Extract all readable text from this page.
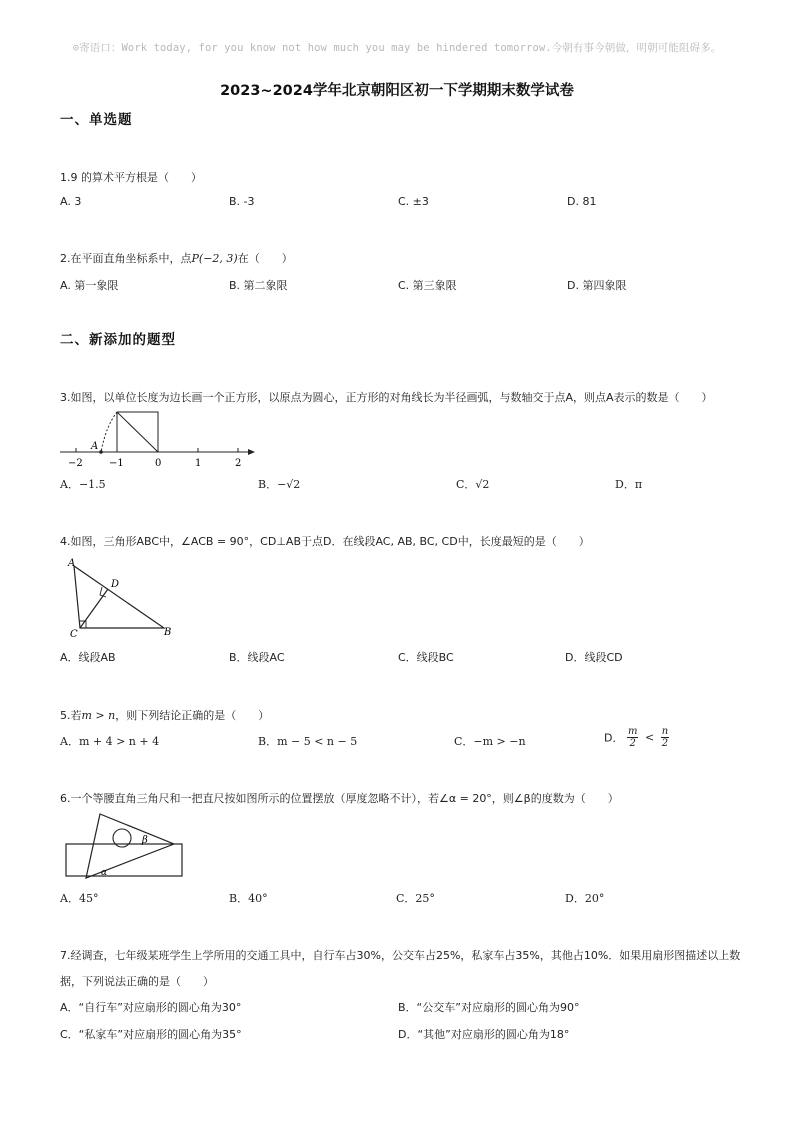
⊙寄语口：Work today, for you know not how much you may be hindered tomorrow.今朝有事今朝做，明朝可能阻碍多。
2023~2024学年北京朝阳区初一下学期期末数学试卷
一、单选题
1.9 的算术平方根是（　　）
A. 3	B. ‐3	C. ±3	D. 81
2.在平面直角坐标系中，点P(−2, 3)在（　　）
A. 第一象限	B. 第二象限	C. 第三象限	D. 第四象限
二、新添加的题型
3.如图，以单位长度为边长画一个正方形，以原点为圆心，正方形的对角线长为半径画弧，与数轴交于点A，则点A表示的数是（　　）
A
−2	−1	0	1	2
A．−1.5	B．−√2	C．√2	D．π
4.如图，三角形ABC中，∠ACB = 90°，CD⊥AB于点D．在线段AC, AB, BC, CD中，长度最短的是（　　）
A
D
C	B
A．线段AB	B．线段AC	C．线段BC	D．线段CD
5.若m > n，则下列结论正确的是（　　）
A．m + 4 > n + 4	B．m − 5 < n − 5	C．−m > −n	D． $\frac{m}{2} < \frac{n}{2}$
6.一个等腰直角三角尺和一把直尺按如图所示的位置摆放（厚度忽略不计），若∠α = 20°，则∠β的度数为（　　）
β
α
A．45°	B．40°	C．25°	D．20°
7.经调查，七年级某班学生上学所用的交通工具中，自行车占30%，公交车占25%，私家车占35%，其他占10%．如果用扇形图描述以上数
据，下列说法正确的是（　　）
A．“自行车”对应扇形的圆心角为30°	B．“公交车”对应扇形的圆心角为90°
C．“私家车”对应扇形的圆心角为35°	D．“其他”对应扇形的圆心角为18°
